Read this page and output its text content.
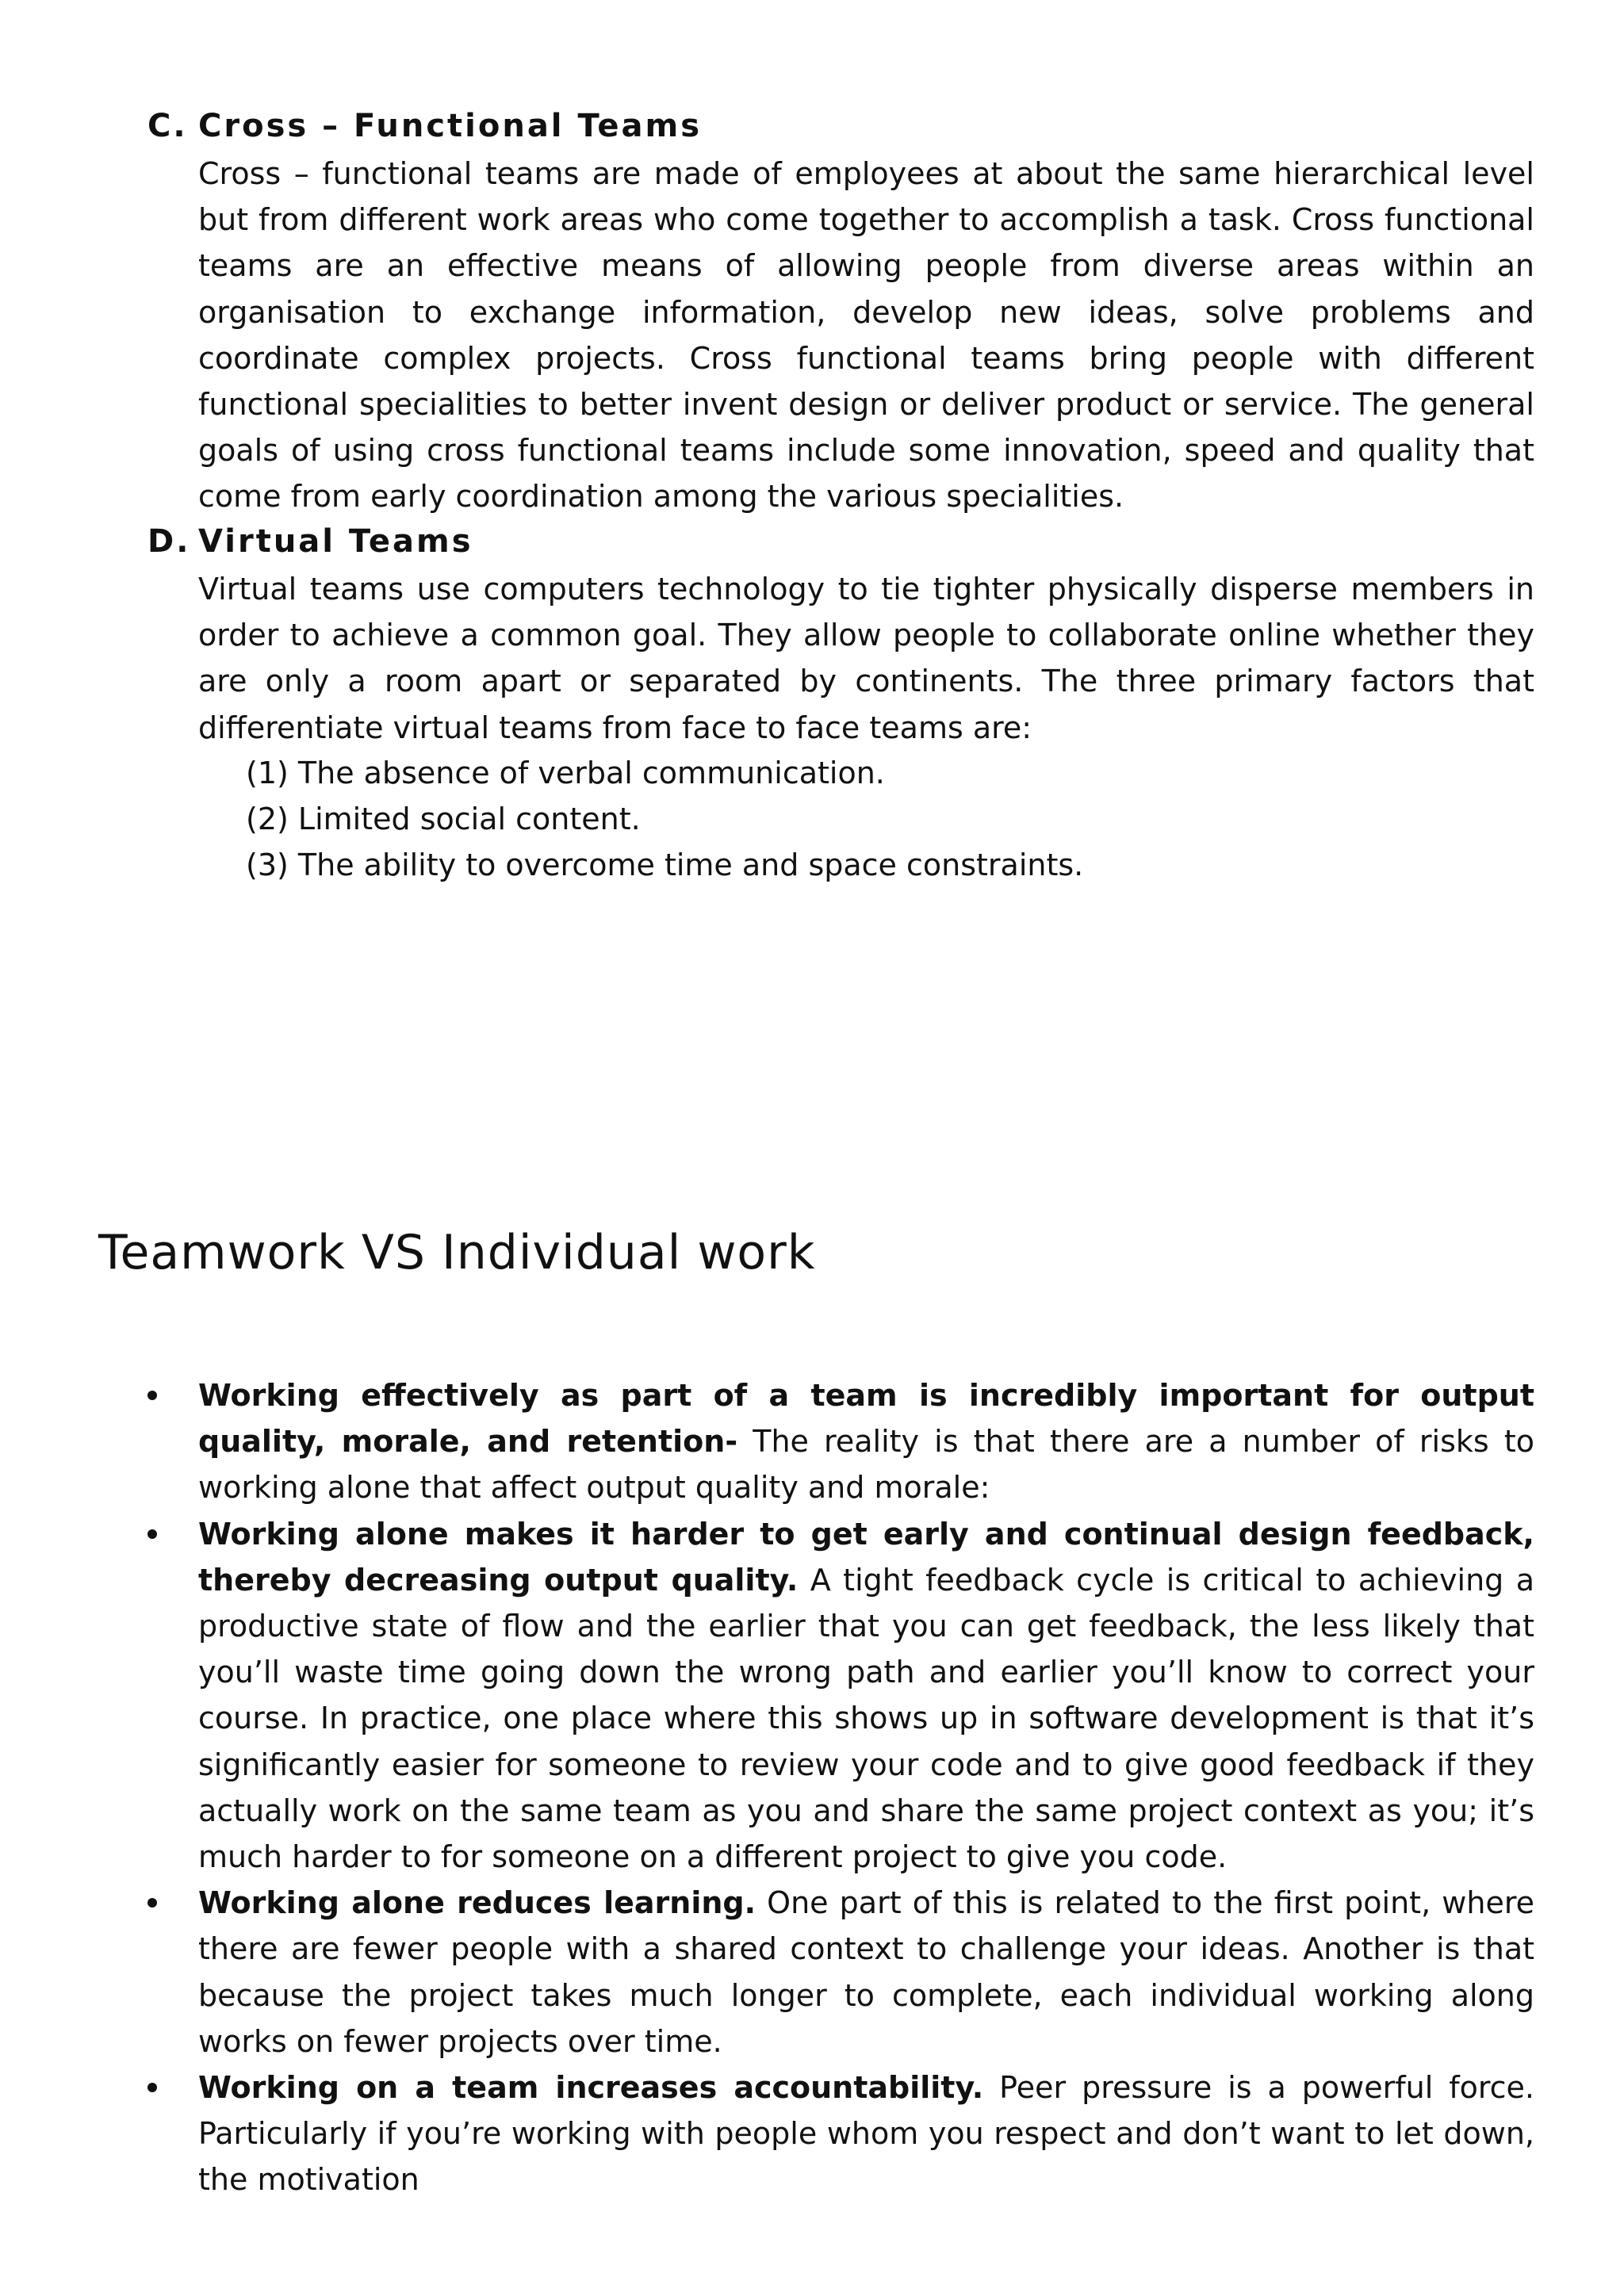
C. Cross – Functional Teams

Cross – functional teams are made of employees at about the same hierarchical level but from different work areas who come together to accomplish a task. Cross functional teams are an effective means of allowing people from diverse areas within an organisation to exchange information, develop new ideas, solve problems and coordinate complex projects. Cross functional teams bring people with different functional specialities to better invent design or deliver product or service. The general goals of using cross functional teams include some innovation, speed and quality that come from early coordination among the various specialities.

D. Virtual Teams

Virtual teams use computers technology to tie tighter physically disperse members in order to achieve a common goal. They allow people to collaborate online whether they are only a room apart or separated by continents. The three primary factors that differentiate virtual teams from face to face teams are:

(1) The absence of verbal communication.
(2) Limited social content.
(3) The ability to overcome time and space constraints.
Teamwork VS Individual work
Working effectively as part of a team is incredibly important for output quality, morale, and retention- The reality is that there are a number of risks to working alone that affect output quality and morale:
Working alone makes it harder to get early and continual design feedback, thereby decreasing output quality. A tight feedback cycle is critical to achieving a productive state of flow and the earlier that you can get feedback, the less likely that you’ll waste time going down the wrong path and earlier you’ll know to correct your course. In practice, one place where this shows up in software development is that it’s significantly easier for someone to review your code and to give good feedback if they actually work on the same team as you and share the same project context as you; it’s much harder to for someone on a different project to give you code.
Working alone reduces learning. One part of this is related to the first point, where there are fewer people with a shared context to challenge your ideas. Another is that because the project takes much longer to complete, each individual working along works on fewer projects over time.
Working on a team increases accountability. Peer pressure is a powerful force. Particularly if you’re working with people whom you respect and don’t want to let down, the motivation
